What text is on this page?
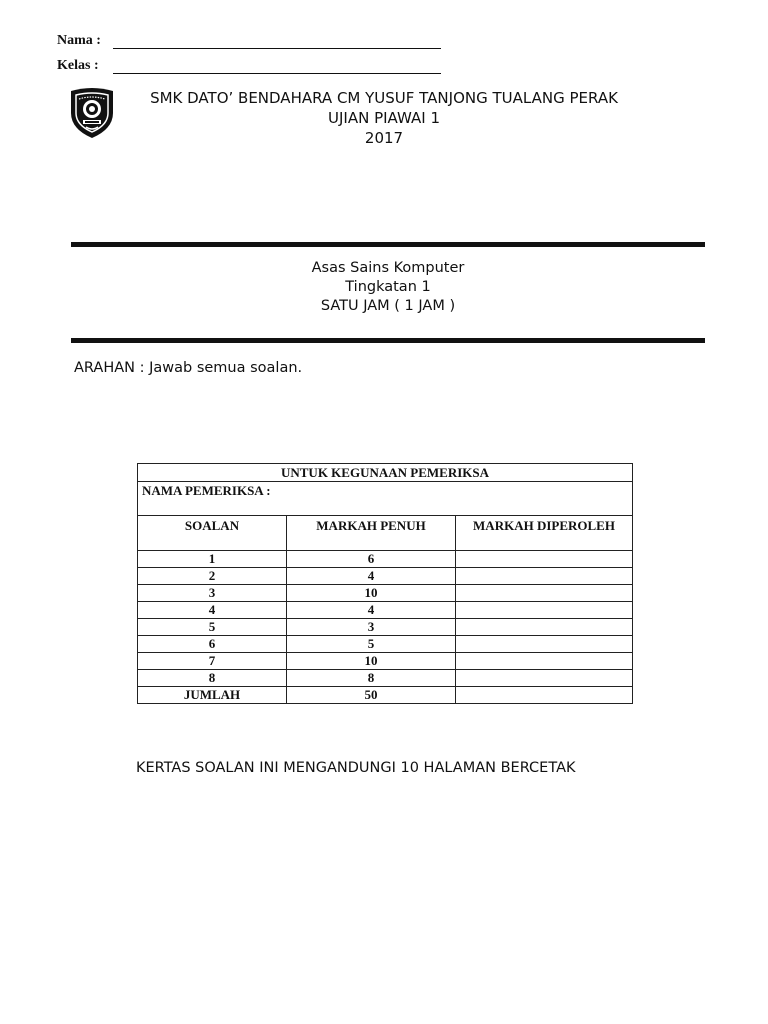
Nama :
Kelas :
SMK DATO’ BENDAHARA CM YUSUF TANJONG TUALANG PERAK
UJIAN PIAWAI 1
2017
Asas Sains Komputer
Tingkatan 1
SATU JAM ( 1 JAM )
ARAHAN : Jawab semua soalan.
UNTUK KEGUNAAN PEMERIKSA		
NAMA PEMERIKSA :		
SOALAN	MARKAH PENUH	MARKAH DIPEROLEH
1	6	
2	4	
3	10	
4	4	
5	3	
6	5	
7	10	
8	8	
JUMLAH	50	
KERTAS SOALAN INI MENGANDUNGI 10 HALAMAN BERCETAK
